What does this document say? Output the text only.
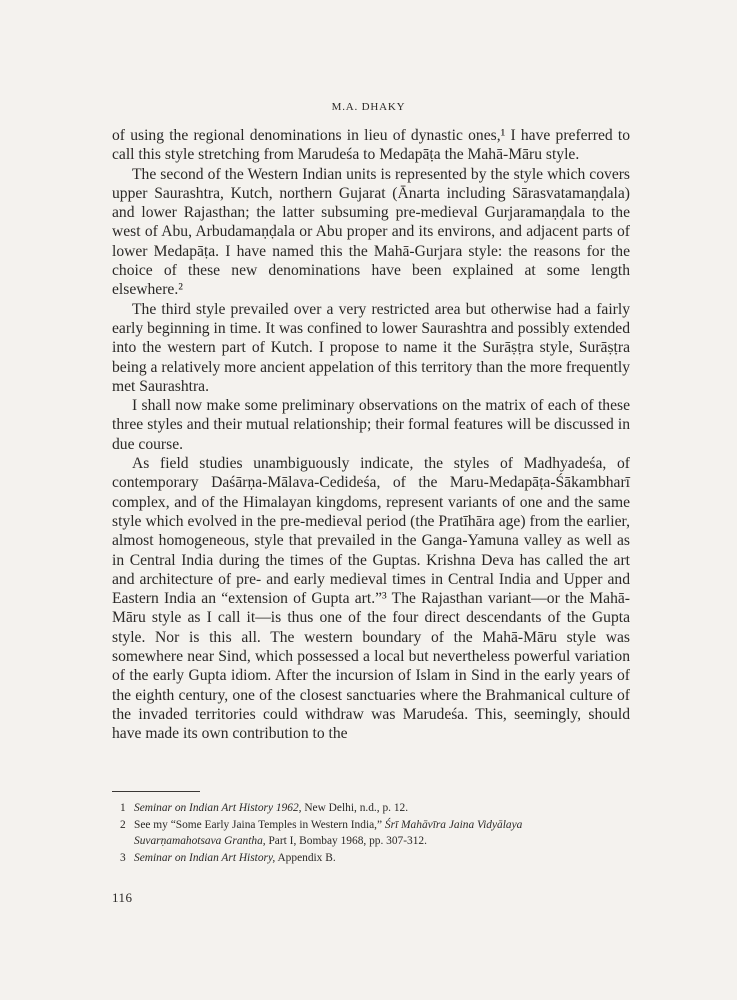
M.A. DHAKY

of using the regional denominations in lieu of dynastic ones,¹ I have preferred to call this style stretching from Marudeśa to Medapāṭa the Mahā-Māru style.

The second of the Western Indian units is represented by the style which covers upper Saurashtra, Kutch, northern Gujarat (Ānarta including Sārasvatamaṇḍala) and lower Rajasthan; the latter subsuming pre-medieval Gurjaramaṇḍala to the west of Abu, Arbudamaṇḍala or Abu proper and its environs, and adjacent parts of lower Medapāṭa. I have named this the Mahā-Gurjara style: the reasons for the choice of these new denominations have been explained at some length elsewhere.²

The third style prevailed over a very restricted area but otherwise had a fairly early beginning in time. It was confined to lower Saurashtra and possibly extended into the western part of Kutch. I propose to name it the Surāṣṭra style, Surāṣṭra being a relatively more ancient appelation of this territory than the more frequently met Saurashtra.

I shall now make some preliminary observations on the matrix of each of these three styles and their mutual relationship; their formal features will be discussed in due course.

As field studies unambiguously indicate, the styles of Madhyadeśa, of contemporary Daśārṇa-Mālava-Cedideśa, of the Maru-Medapāṭa-Śākambharī complex, and of the Himalayan kingdoms, represent variants of one and the same style which evolved in the pre-medieval period (the Pratīhāra age) from the earlier, almost homogeneous, style that prevailed in the Ganga-Yamuna valley as well as in Central India during the times of the Guptas. Krishna Deva has called the art and architecture of pre- and early medieval times in Central India and Upper and Eastern India an “extension of Gupta art.”³ The Rajasthan variant—or the Mahā-Māru style as I call it—is thus one of the four direct descendants of the Gupta style. Nor is this all. The western boundary of the Mahā-Māru style was somewhere near Sind, which possessed a local but nevertheless powerful variation of the early Gupta idiom. After the incursion of Islam in Sind in the early years of the eighth century, one of the closest sanctuaries where the Brahmanical culture of the invaded territories could withdraw was Marudeśa. This, seemingly, should have made its own contribution to the

1 Seminar on Indian Art History 1962, New Delhi, n.d., p. 12.
2 See my “Some Early Jaina Temples in Western India,” Śrī Mahāvīra Jaina Vidyālaya
Suvarṇamahotsava Grantha, Part I, Bombay 1968, pp. 307-312.
3 Seminar on Indian Art History, Appendix B.
116
